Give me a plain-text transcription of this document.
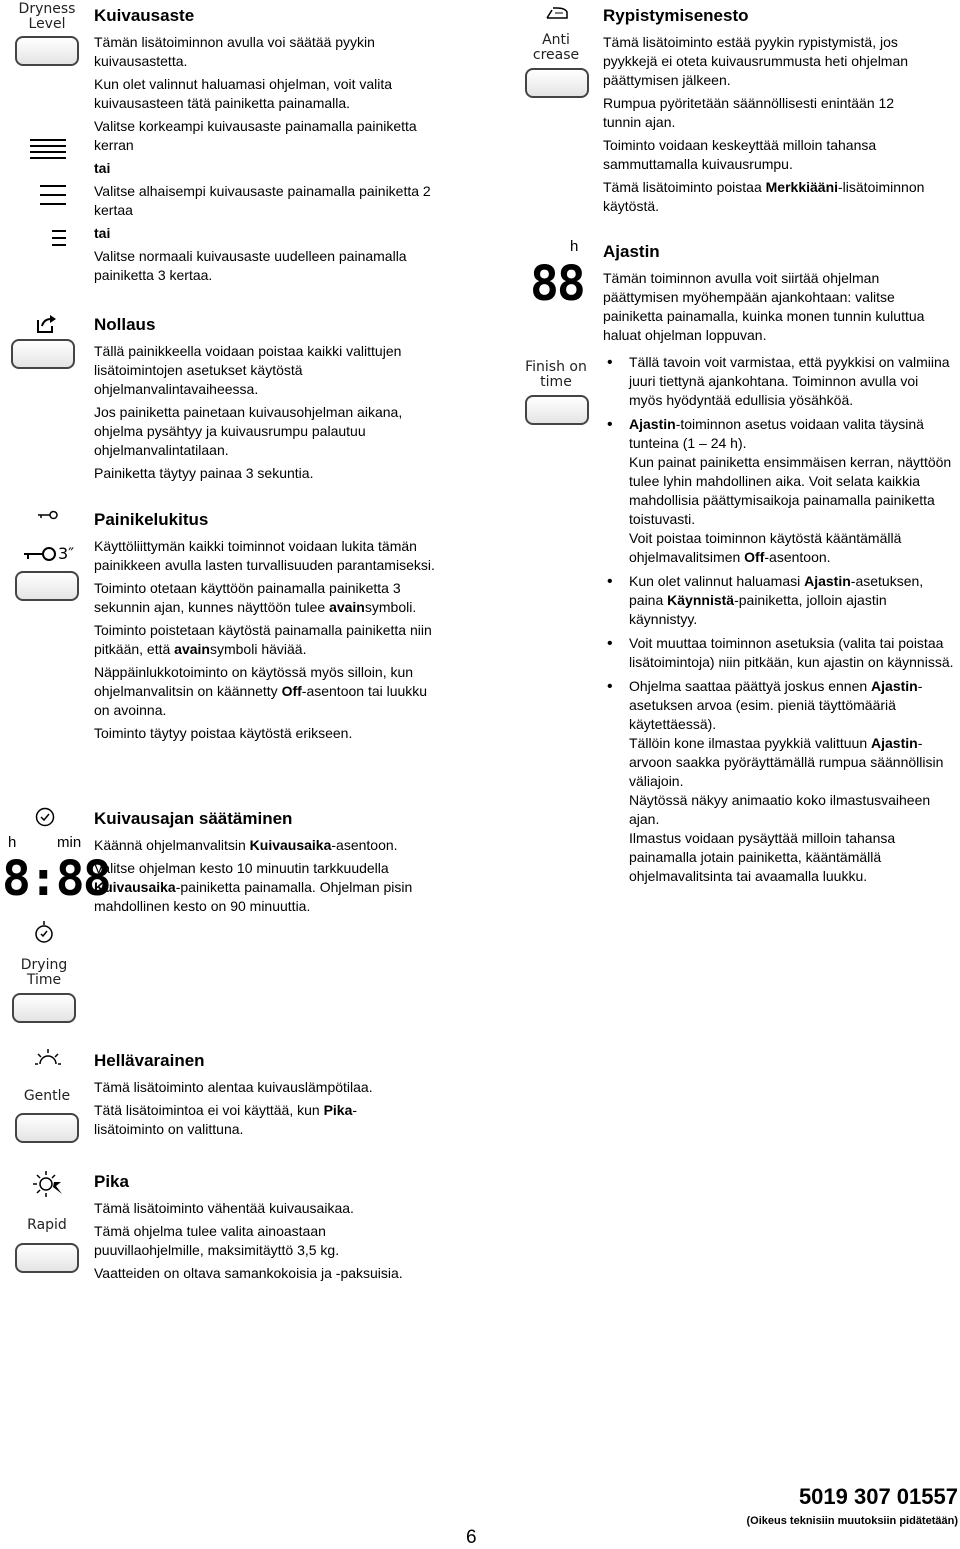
Dryness Level
3″
h	min
8:88
Drying Time
Gentle
Rapid
Kuivausaste

Tämän lisätoiminnon avulla voi säätää pyykin kuivausastetta.

Kun olet valinnut haluamasi ohjelman, voit valita kuivausasteen tätä painiketta painamalla.

Valitse korkeampi kuivausaste painamalla painiketta kerran

tai

Valitse alhaisempi kuivausaste painamalla painiketta 2 kertaa

tai

Valitse normaali kuivausaste uudelleen painamalla painiketta 3 kertaa.

Nollaus

Tällä painikkeella voidaan poistaa kaikki valittujen lisätoimintojen asetukset käytöstä ohjelmanvalintavaiheessa.

Jos painiketta painetaan kuivausohjelman aikana, ohjelma pysähtyy ja kuivausrumpu palautuu ohjelmanvalintatilaan.

Painiketta täytyy painaa 3 sekuntia.

Painikelukitus

Käyttöliittymän kaikki toiminnot voidaan lukita tämän painikkeen avulla lasten turvallisuuden parantamiseksi.

Toiminto otetaan käyttöön painamalla painiketta 3 sekunnin ajan, kunnes näyttöön tulee avainsymboli.

Toiminto poistetaan käytöstä painamalla painiketta niin pitkään, että avainsymboli häviää.

Näppäinlukkotoiminto on käytössä myös silloin, kun ohjelmanvalitsin on käännetty Off-asentoon tai luukku on avoinna.

Toiminto täytyy poistaa käytöstä erikseen.

Kuivausajan säätäminen

Käännä ohjelmanvalitsin Kuivausaika-asentoon.

Valitse ohjelman kesto 10 minuutin tarkkuudella Kuivausaika-painiketta painamalla. Ohjelman pisin mahdollinen kesto on 90 minuuttia.

Hellävarainen

Tämä lisätoiminto alentaa kuivauslämpötilaa.

Tätä lisätoimintoa ei voi käyttää, kun Pika-lisätoiminto on valittuna.

Pika

Tämä lisätoiminto vähentää kuivausaikaa.

Tämä ohjelma tulee valita ainoastaan puuvillaohjelmille, maksimitäyttö 3,5 kg.

Vaatteiden on oltava samankokoisia ja -paksuisia.

Anti crease
h
88
Finish on time
Rypistymisenesto

Tämä lisätoiminto estää pyykin rypistymistä, jos pyykkejä ei oteta kuivausrummusta heti ohjelman päättymisen jälkeen.

Rumpua pyöritetään säännöllisesti enintään 12 tunnin ajan.

Toiminto voidaan keskeyttää milloin tahansa sammuttamalla kuivausrumpu.

Tämä lisätoiminto poistaa Merkkiääni-lisätoiminnon käytöstä.

Ajastin

Tämän toiminnon avulla voit siirtää ohjelman päättymisen myöhempään ajankohtaan: valitse painiketta painamalla, kuinka monen tunnin kuluttua haluat ohjelman loppuvan.

• Tällä tavoin voit varmistaa, että pyykkisi on valmiina juuri tiettynä ajankohtana. Toiminnon avulla voi myös hyödyntää edullisia yösähköä.
• Ajastin-toiminnon asetus voidaan valita täysinä tunteina (1 – 24 h).
Kun painat painiketta ensimmäisen kerran, näyttöön tulee lyhin mahdollinen aika. Voit selata kaikkia mahdollisia päättymisaikoja painamalla painiketta toistuvasti.
Voit poistaa toiminnon käytöstä kääntämällä ohjelmavalitsimen Off-asentoon.
• Kun olet valinnut haluamasi Ajastin-asetuksen, paina Käynnistä-painiketta, jolloin ajastin käynnistyy.
• Voit muuttaa toiminnon asetuksia (valita tai poistaa lisätoimintoja) niin pitkään, kun ajastin on käynnissä.
• Ohjelma saattaa päättyä joskus ennen Ajastin-asetuksen arvoa (esim. pieniä täyttömääriä käytettäessä).
Tällöin kone ilmastaa pyykkiä valittuun Ajastin-arvoon saakka pyöräyttämällä rumpua säännöllisin väliajoin.
Näytössä näkyy animaatio koko ilmastusvaiheen ajan.
Ilmastus voidaan pysäyttää milloin tahansa painamalla jotain painiketta, kääntämällä ohjelmavalitsinta tai avaamalla luukku.
6
5019 307 01557
(Oikeus teknisiin muutoksiin pidätetään)
